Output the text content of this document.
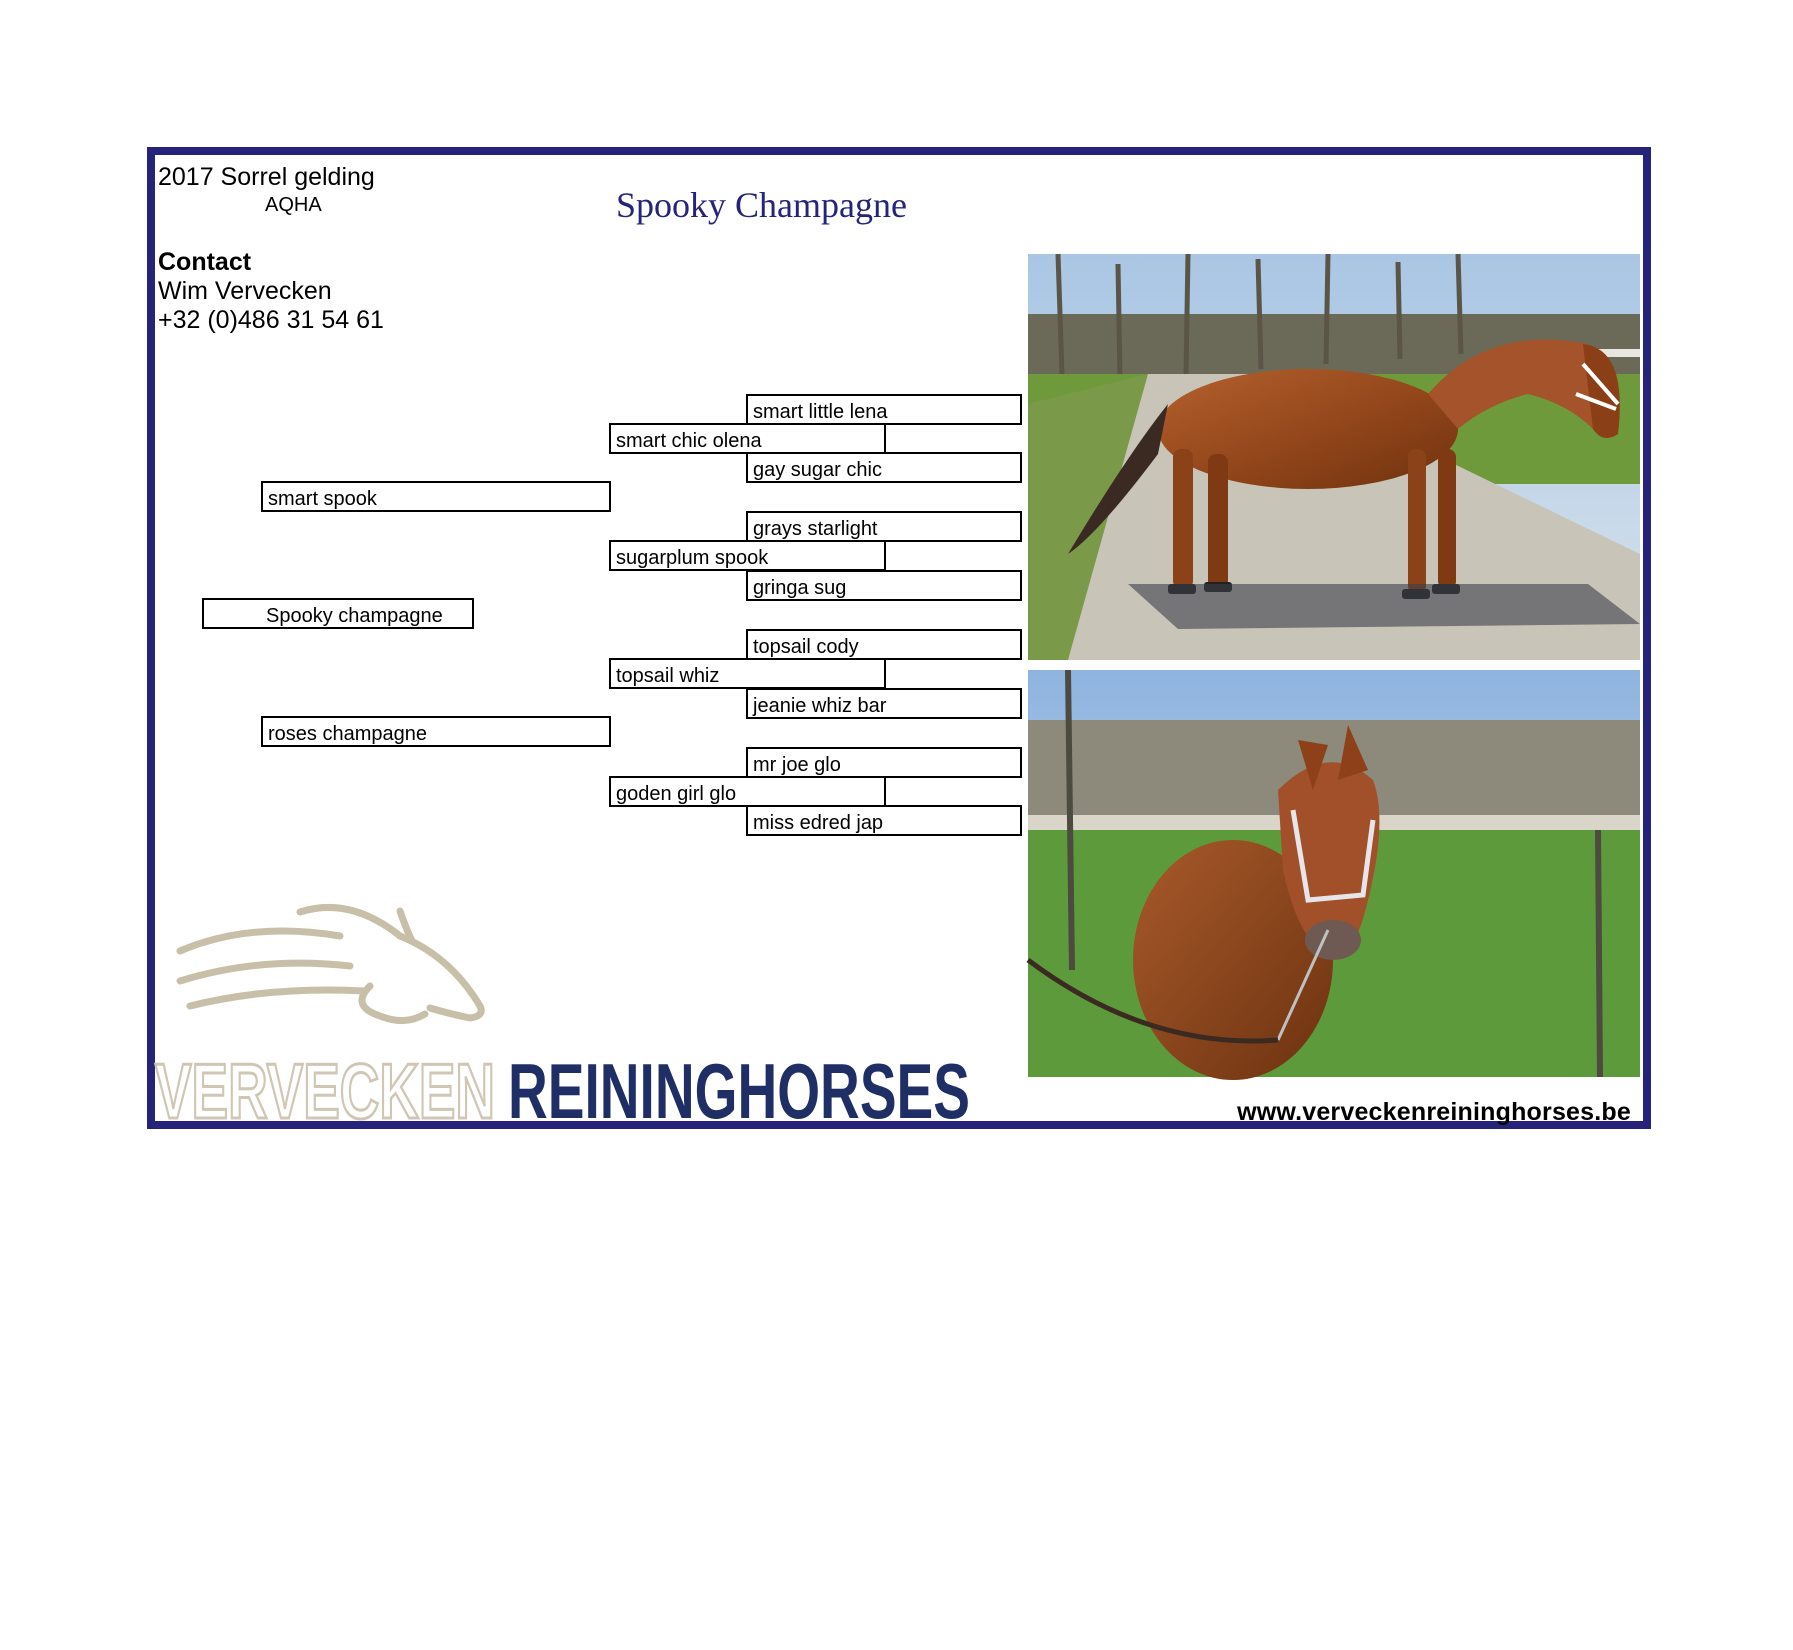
2017 Sorrel gelding
AQHA	Spooky Champagne
Contact
Wim Vervecken
+32 (0)486 31 54 61
Spooky champagne
smart spook
roses champagne
smart chic olena
sugarplum spook
topsail whiz
goden girl glo
smart little lena
gay sugar chic
grays starlight
gringa sug
topsail cody
jeanie whiz bar
mr joe glo
miss edred jap
VERVECKEN REININGHORSES	www.verveckenreininghorses.be
